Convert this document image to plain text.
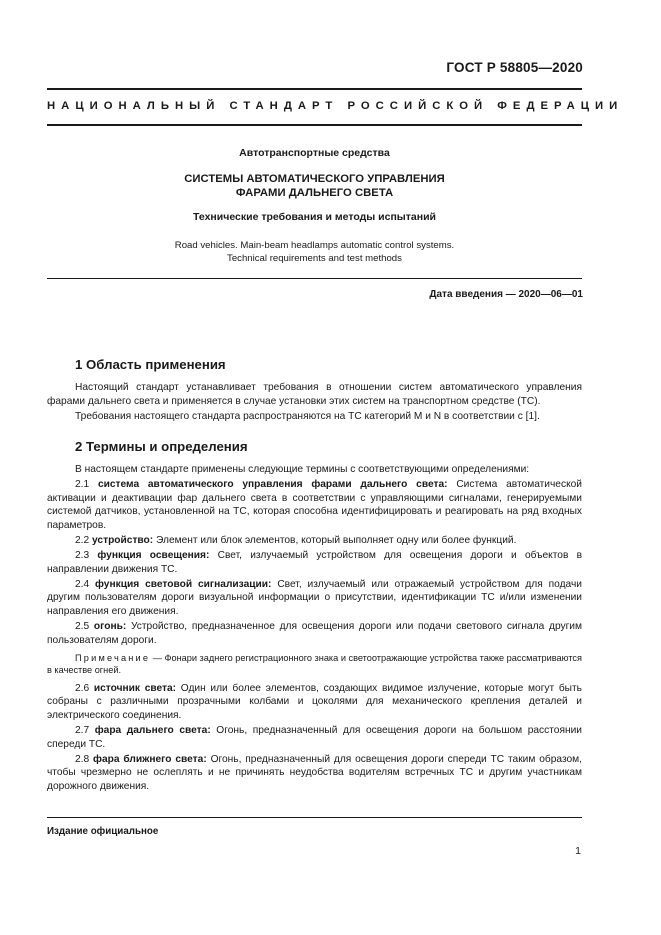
ГОСТ Р 58805—2020
НАЦИОНАЛЬНЫЙ СТАНДАРТ РОССИЙСКОЙ ФЕДЕРАЦИИ
Автотранспортные средства
СИСТЕМЫ АВТОМАТИЧЕСКОГО УПРАВЛЕНИЯ
ФАРАМИ ДАЛЬНЕГО СВЕТА
Технические требования и методы испытаний
Road vehicles. Main-beam headlamps automatic control systems.
Technical requirements and test methods
Дата введения — 2020—06—01
1 Область применения

Настоящий стандарт устанавливает требования в отношении систем автоматического управления фарами дальнего света и применяется в случае установки этих систем на транспортном средстве (ТС).

Требования настоящего стандарта распространяются на ТС категорий M и N в соответствии с [1].

2 Термины и определения

В настоящем стандарте применены следующие термины с соответствующими определениями:

2.1 система автоматического управления фарами дальнего света: Система автоматической активации и деактивации фар дальнего света в соответствии с управляющими сигналами, генерируемыми системой датчиков, установленной на ТС, которая способна идентифицировать и реагировать на ряд входных параметров.

2.2 устройство: Элемент или блок элементов, который выполняет одну или более функций.

2.3 функция освещения: Свет, излучаемый устройством для освещения дороги и объектов в направлении движения ТС.

2.4 функция световой сигнализации: Свет, излучаемый или отражаемый устройством для подачи другим пользователям дороги визуальной информации о присутствии, идентификации ТС и/или изменении направления его движения.

2.5 огонь: Устройство, предназначенное для освещения дороги или подачи светового сигнала другим пользователям дороги.

Примечание — Фонари заднего регистрационного знака и светоотражающие устройства также рассматриваются в качестве огней.

2.6 источник света: Один или более элементов, создающих видимое излучение, которые могут быть собраны с различными прозрачными колбами и цоколями для механического крепления деталей и электрического соединения.

2.7 фара дальнего света: Огонь, предназначенный для освещения дороги на большом расстоянии спереди ТС.

2.8 фара ближнего света: Огонь, предназначенный для освещения дороги спереди ТС таким образом, чтобы чрезмерно не ослеплять и не причинять неудобства водителям встречных ТС и другим участникам дорожного движения.

Издание официальное
1
